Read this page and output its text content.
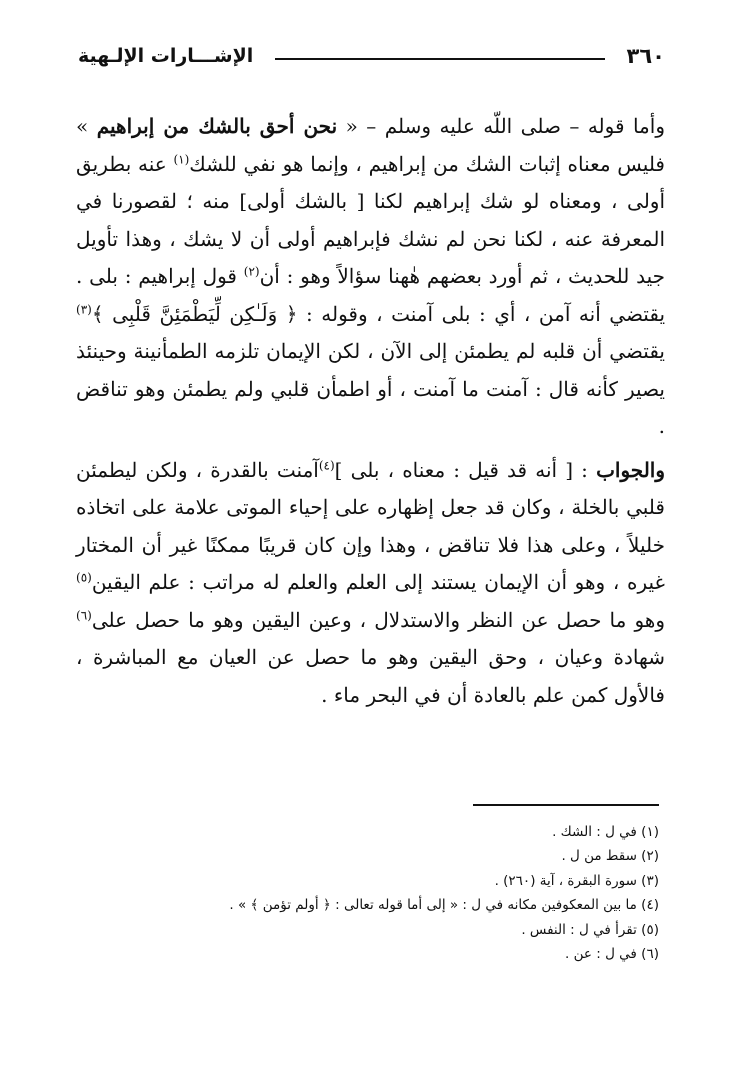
٣٦٠
الإشـــارات الإلـهية

وأما قوله – صلى اللّه عليه وسلم – « نحن أحق بالشك من إبراهيم » فليس معناه إثبات الشك من إبراهيم ، وإنما هو نفي للشك$^{(١)}$ عنه بطريق أولى ، ومعناه لو شك إبراهيم لكنا [ بالشك أولى] منه ؛ لقصورنا في المعرفة عنه ، لكنا نحن لم نشك فإبراهيم أولى أن لا يشك ، وهذا تأويل جيد للحديث ، ثم أورد بعضهم هٰهنا سؤالاً وهو : أن$^{(٢)}$ قول إبراهيم : بلى . يقتضي أنه آمن ، أي : بلى آمنت ، وقوله : ﴿ وَلَـٰكِن لِّيَطْمَئِنَّ قَلْبِى ﴾$^{(٣)}$ يقتضي أن قلبه لم يطمئن إلى الآن ، لكن الإيمان تلزمه الطمأنينة وحينئذ يصير كأنه قال : آمنت ما آمنت ، أو اطمأن قلبي ولم يطمئن وهو تناقض .

والجواب : [ أنه قد قيل : معناه ، بلى ]$^{(٤)}$آمنت بالقدرة ، ولكن ليطمئن قلبي بالخلة ، وكان قد جعل إظهاره على إحياء الموتى علامة على اتخاذه خليلاً ، وعلى هذا فلا تناقض ، وهذا وإن كان قريبًا ممكنًا غير أن المختار غيره ، وهو أن الإيمان يستند إلى العلم والعلم له مراتب : علم اليقين$^{(٥)}$ وهو ما حصل عن النظر والاستدلال ، وعين اليقين وهو ما حصل على$^{(٦)}$ شهادة وعيان ، وحق اليقين وهو ما حصل عن العيان مع المباشرة ، فالأول كمن علم بالعادة أن في البحر ماء .

(١) في ل : الشك .
(٢) سقط من ل .
(٣) سورة البقرة ، آية (٢٦٠) .
(٤) ما بين المعكوفين مكانه في ل : « إلى أما قوله تعالى : ﴿ أولم تؤمن ﴾ » .
(٥) تقرأ في ل : النفس .
(٦) في ل : عن .
